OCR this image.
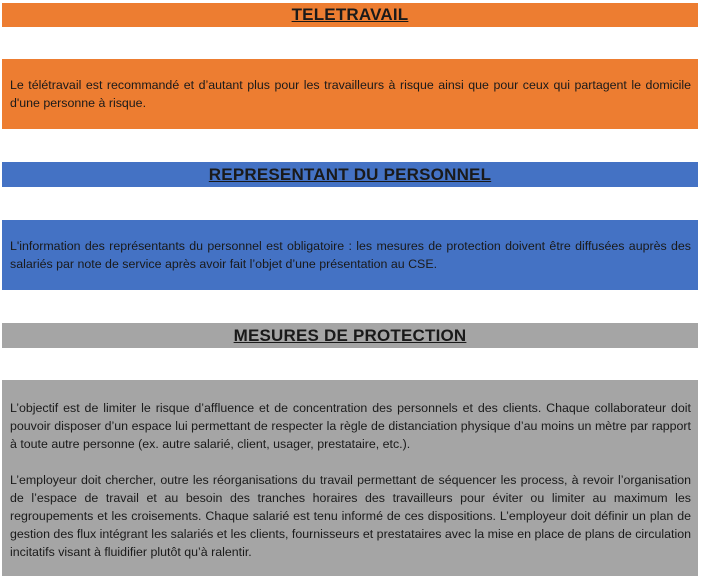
TELETRAVAIL

Le télétravail est recommandé et d’autant plus pour les travailleurs à risque ainsi que pour ceux qui partagent le domicile d'une personne à risque.

REPRESENTANT DU PERSONNEL

L'information des représentants du personnel est obligatoire : les mesures de protection doivent être diffusées auprès des salariés par note de service après avoir fait l’objet d’une présentation au CSE.

MESURES DE PROTECTION

L’objectif est de limiter le risque d’affluence et de concentration des personnels et des clients. Chaque collaborateur doit pouvoir disposer d’un espace lui permettant de respecter la règle de distanciation physique d’au moins un mètre par rapport à toute autre personne (ex. autre salarié, client, usager, prestataire, etc.).

L’employeur doit chercher, outre les réorganisations du travail permettant de séquencer les process, à revoir l’organisation de l’espace de travail et au besoin des tranches horaires des travailleurs pour éviter ou limiter au maximum les regroupements et les croisements. Chaque salarié est tenu informé de ces dispositions. L’employeur doit définir un plan de gestion des flux intégrant les salariés et les clients, fournisseurs et prestataires avec la mise en place de plans de circulation incitatifs visant à fluidifier plutôt qu’à ralentir.
